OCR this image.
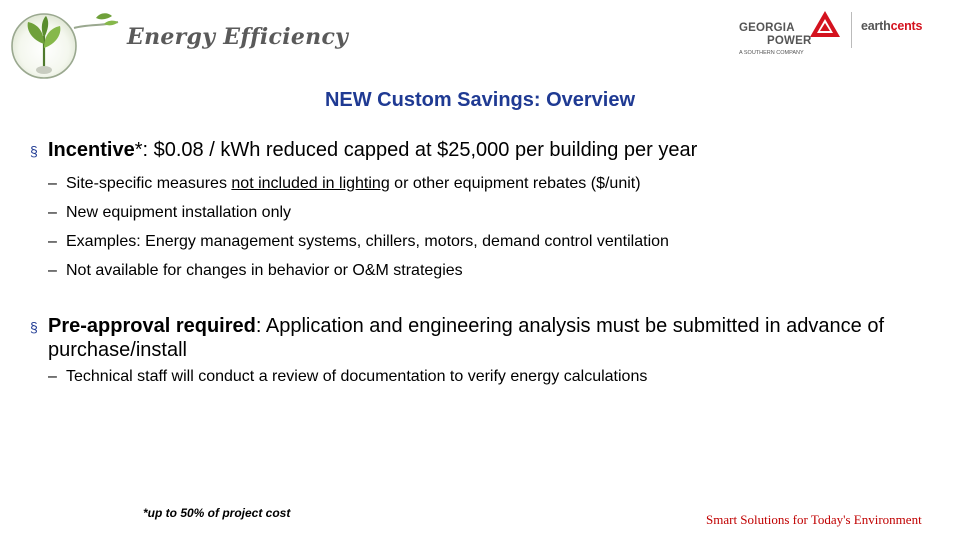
Energy Efficiency	GEORGIA
POWER
A SOUTHERN COMPANY
earthcents
NEW Custom Savings: Overview
§ Incentive*: $0.08 / kWh reduced capped at $25,000 per building per year
– Site-specific measures not included in lighting or other equipment rebates ($/unit)
– New equipment installation only
– Examples: Energy management systems, chillers, motors, demand control ventilation
– Not available for changes in behavior or O&M strategies
§ Pre-approval required: Application and engineering analysis must be submitted in advance of purchase/install
– Technical staff will conduct a review of documentation to verify energy calculations
*up to 50% of project cost	Smart Solutions for Today's Environment
